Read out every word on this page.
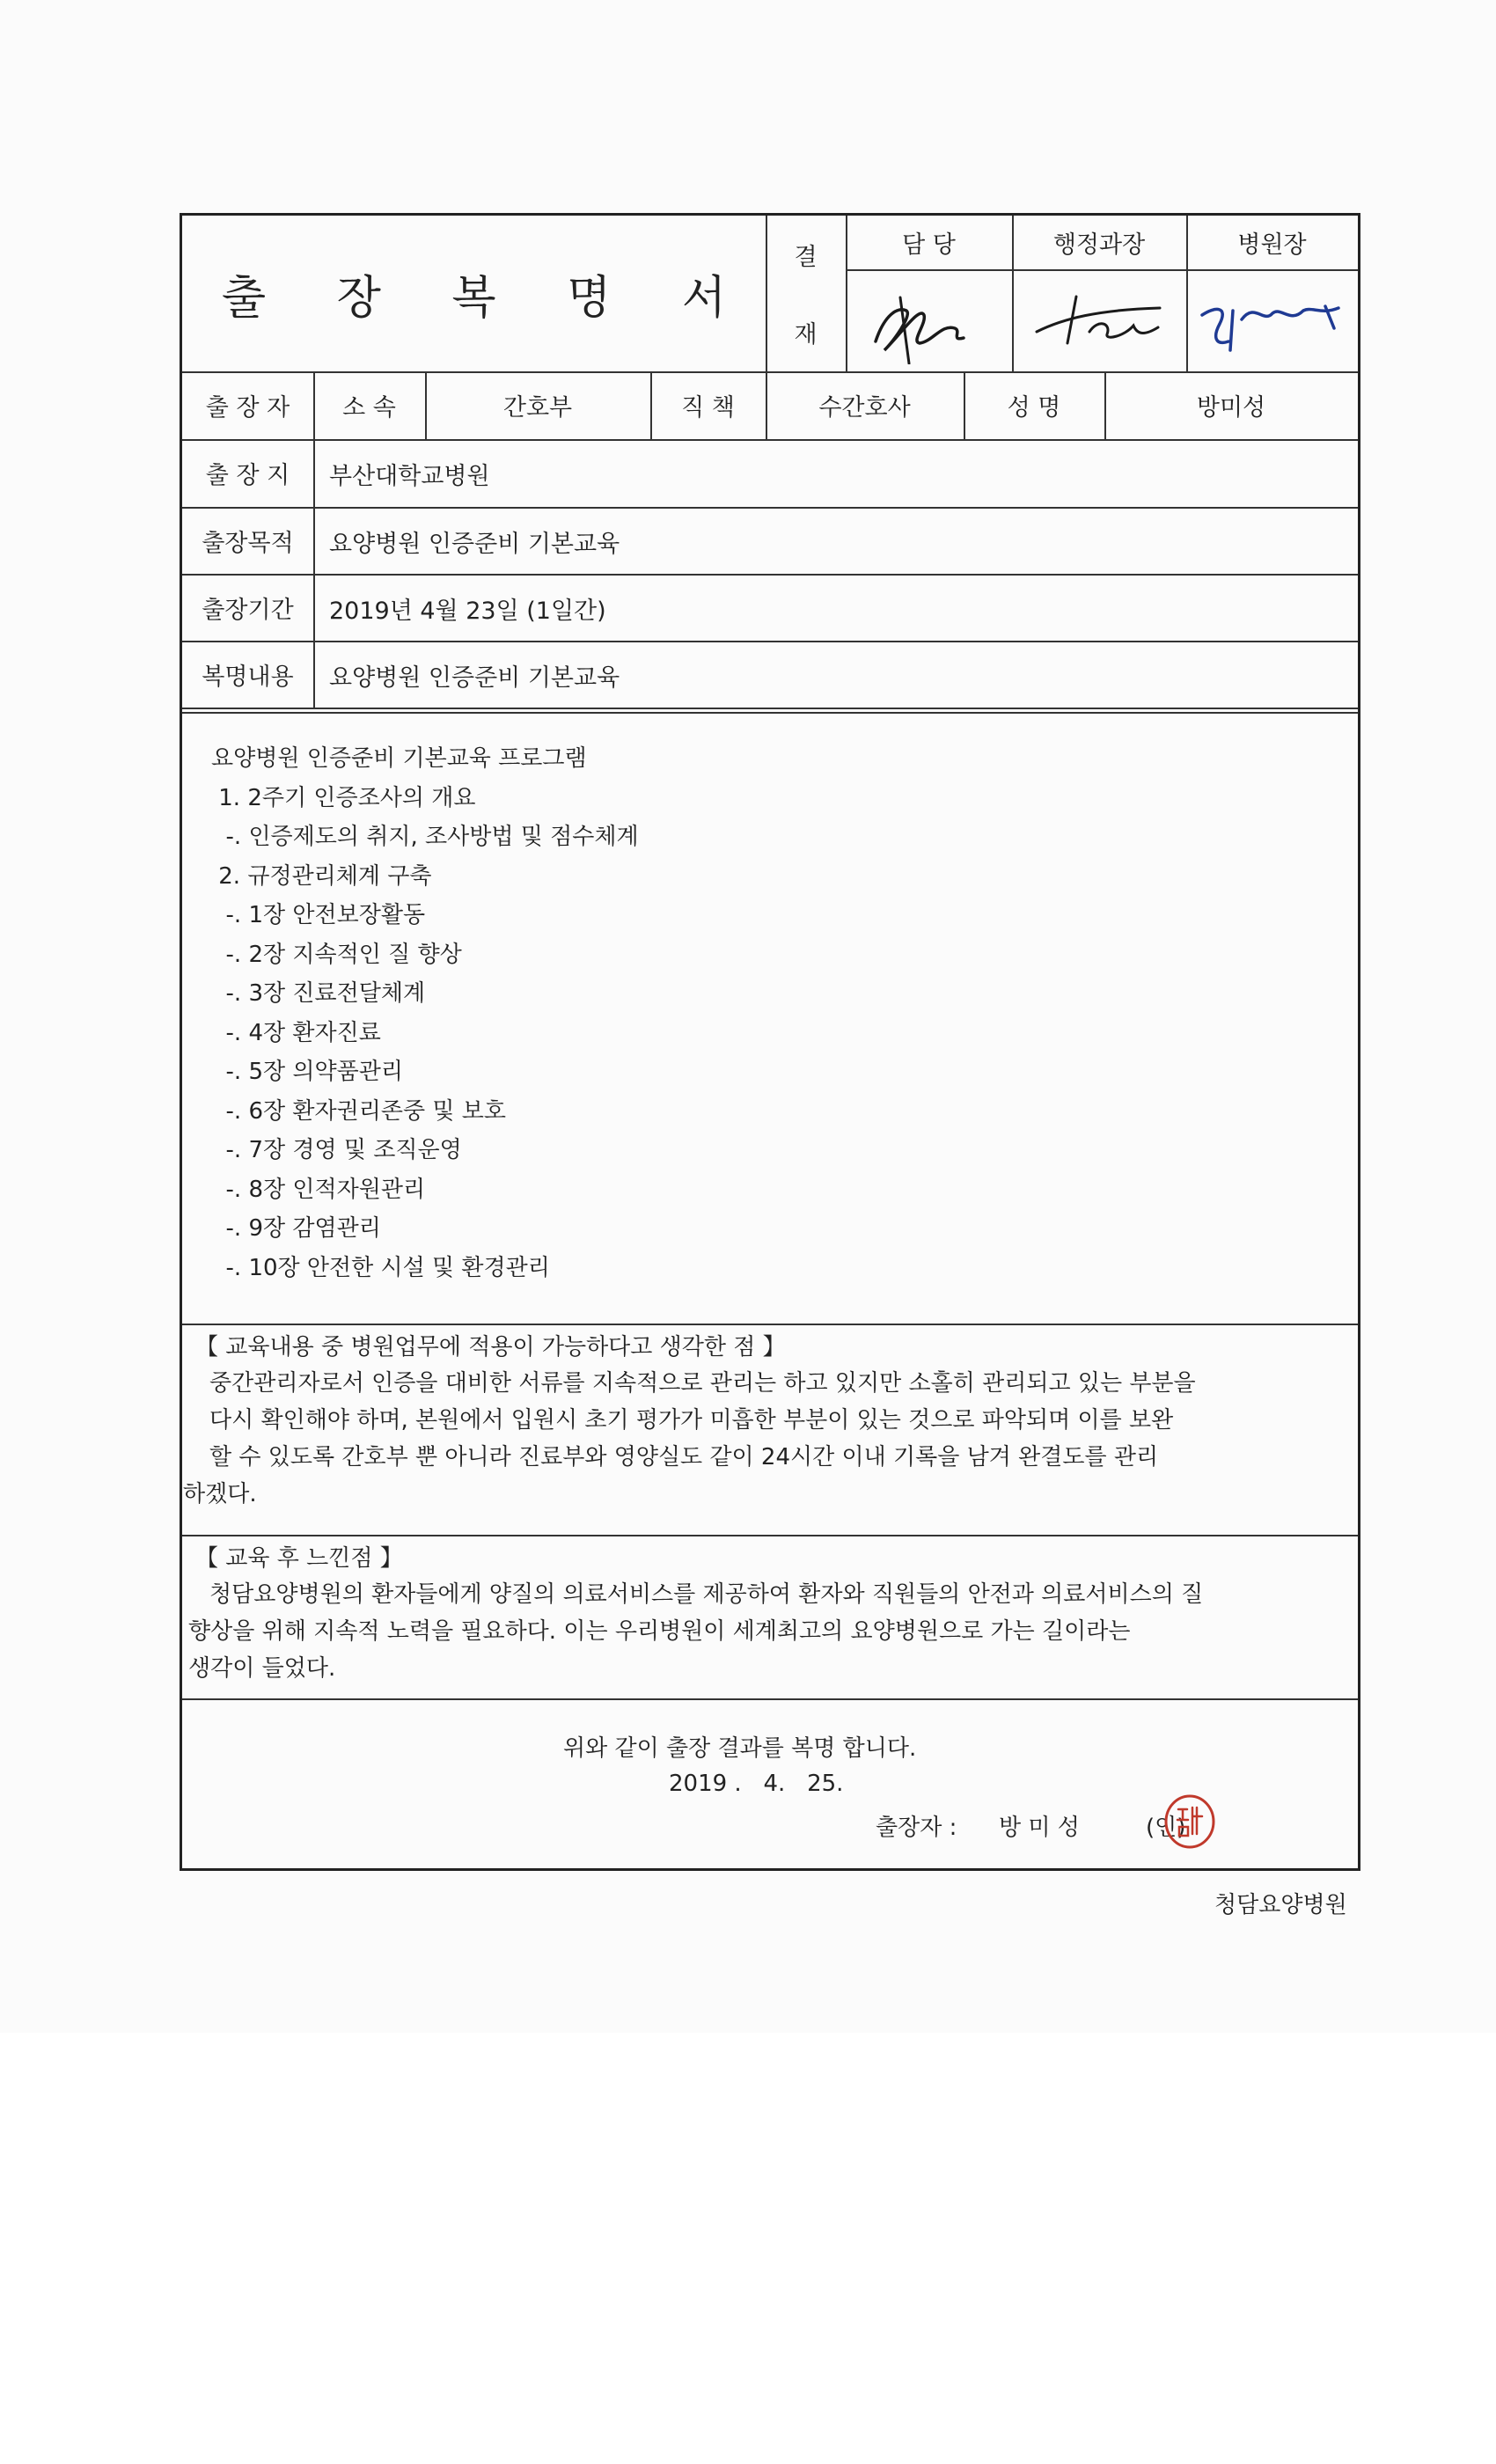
출 장 복 명 서
결
재
담 당	행정과장	병원장
출 장 자	소 속	간호부	직 책	수간호사	성 명	방미성
출 장 지	부산대학교병원
출장목적	요양병원 인증준비 기본교육
출장기간	2019년 4월 23일 (1일간)
복명내용	요양병원 인증준비 기본교육
요양병원 인증준비 기본교육 프로그램
1. 2주기 인증조사의 개요
-. 인증제도의 취지, 조사방법 및 점수체계
2. 규정관리체계 구축
-. 1장 안전보장활동
-. 2장 지속적인 질 향상
-. 3장 진료전달체계
-. 4장 환자진료
-. 5장 의약품관리
-. 6장 환자권리존중 및 보호
-. 7장 경영 및 조직운영
-. 8장 인적자원관리
-. 9장 감염관리
-. 10장 안전한 시설 및 환경관리
【 교육내용 중 병원업무에 적용이 가능하다고 생각한 점 】
중간관리자로서 인증을 대비한 서류를 지속적으로 관리는 하고 있지만 소홀히 관리되고 있는 부분을
다시 확인해야 하며, 본원에서 입원시 초기 평가가 미흡한 부분이 있는 것으로 파악되며 이를 보완
할 수 있도록 간호부 뿐 아니라 진료부와 영양실도 같이 24시간 이내 기록을 남겨 완결도를 관리
하겠다.
【 교육 후 느낀점 】
청담요양병원의 환자들에게 양질의 의료서비스를 제공하여 환자와 직원들의 안전과 의료서비스의 질
향상을 위해 지속적 노력을 필요하다. 이는 우리병원이 세계최고의 요양병원으로 가는 길이라는
생각이 들었다.
위와 같이 출장 결과를 복명 합니다.
2019 .   4.   25.
출장자 : 방 미 성	(인)
청담요양병원
